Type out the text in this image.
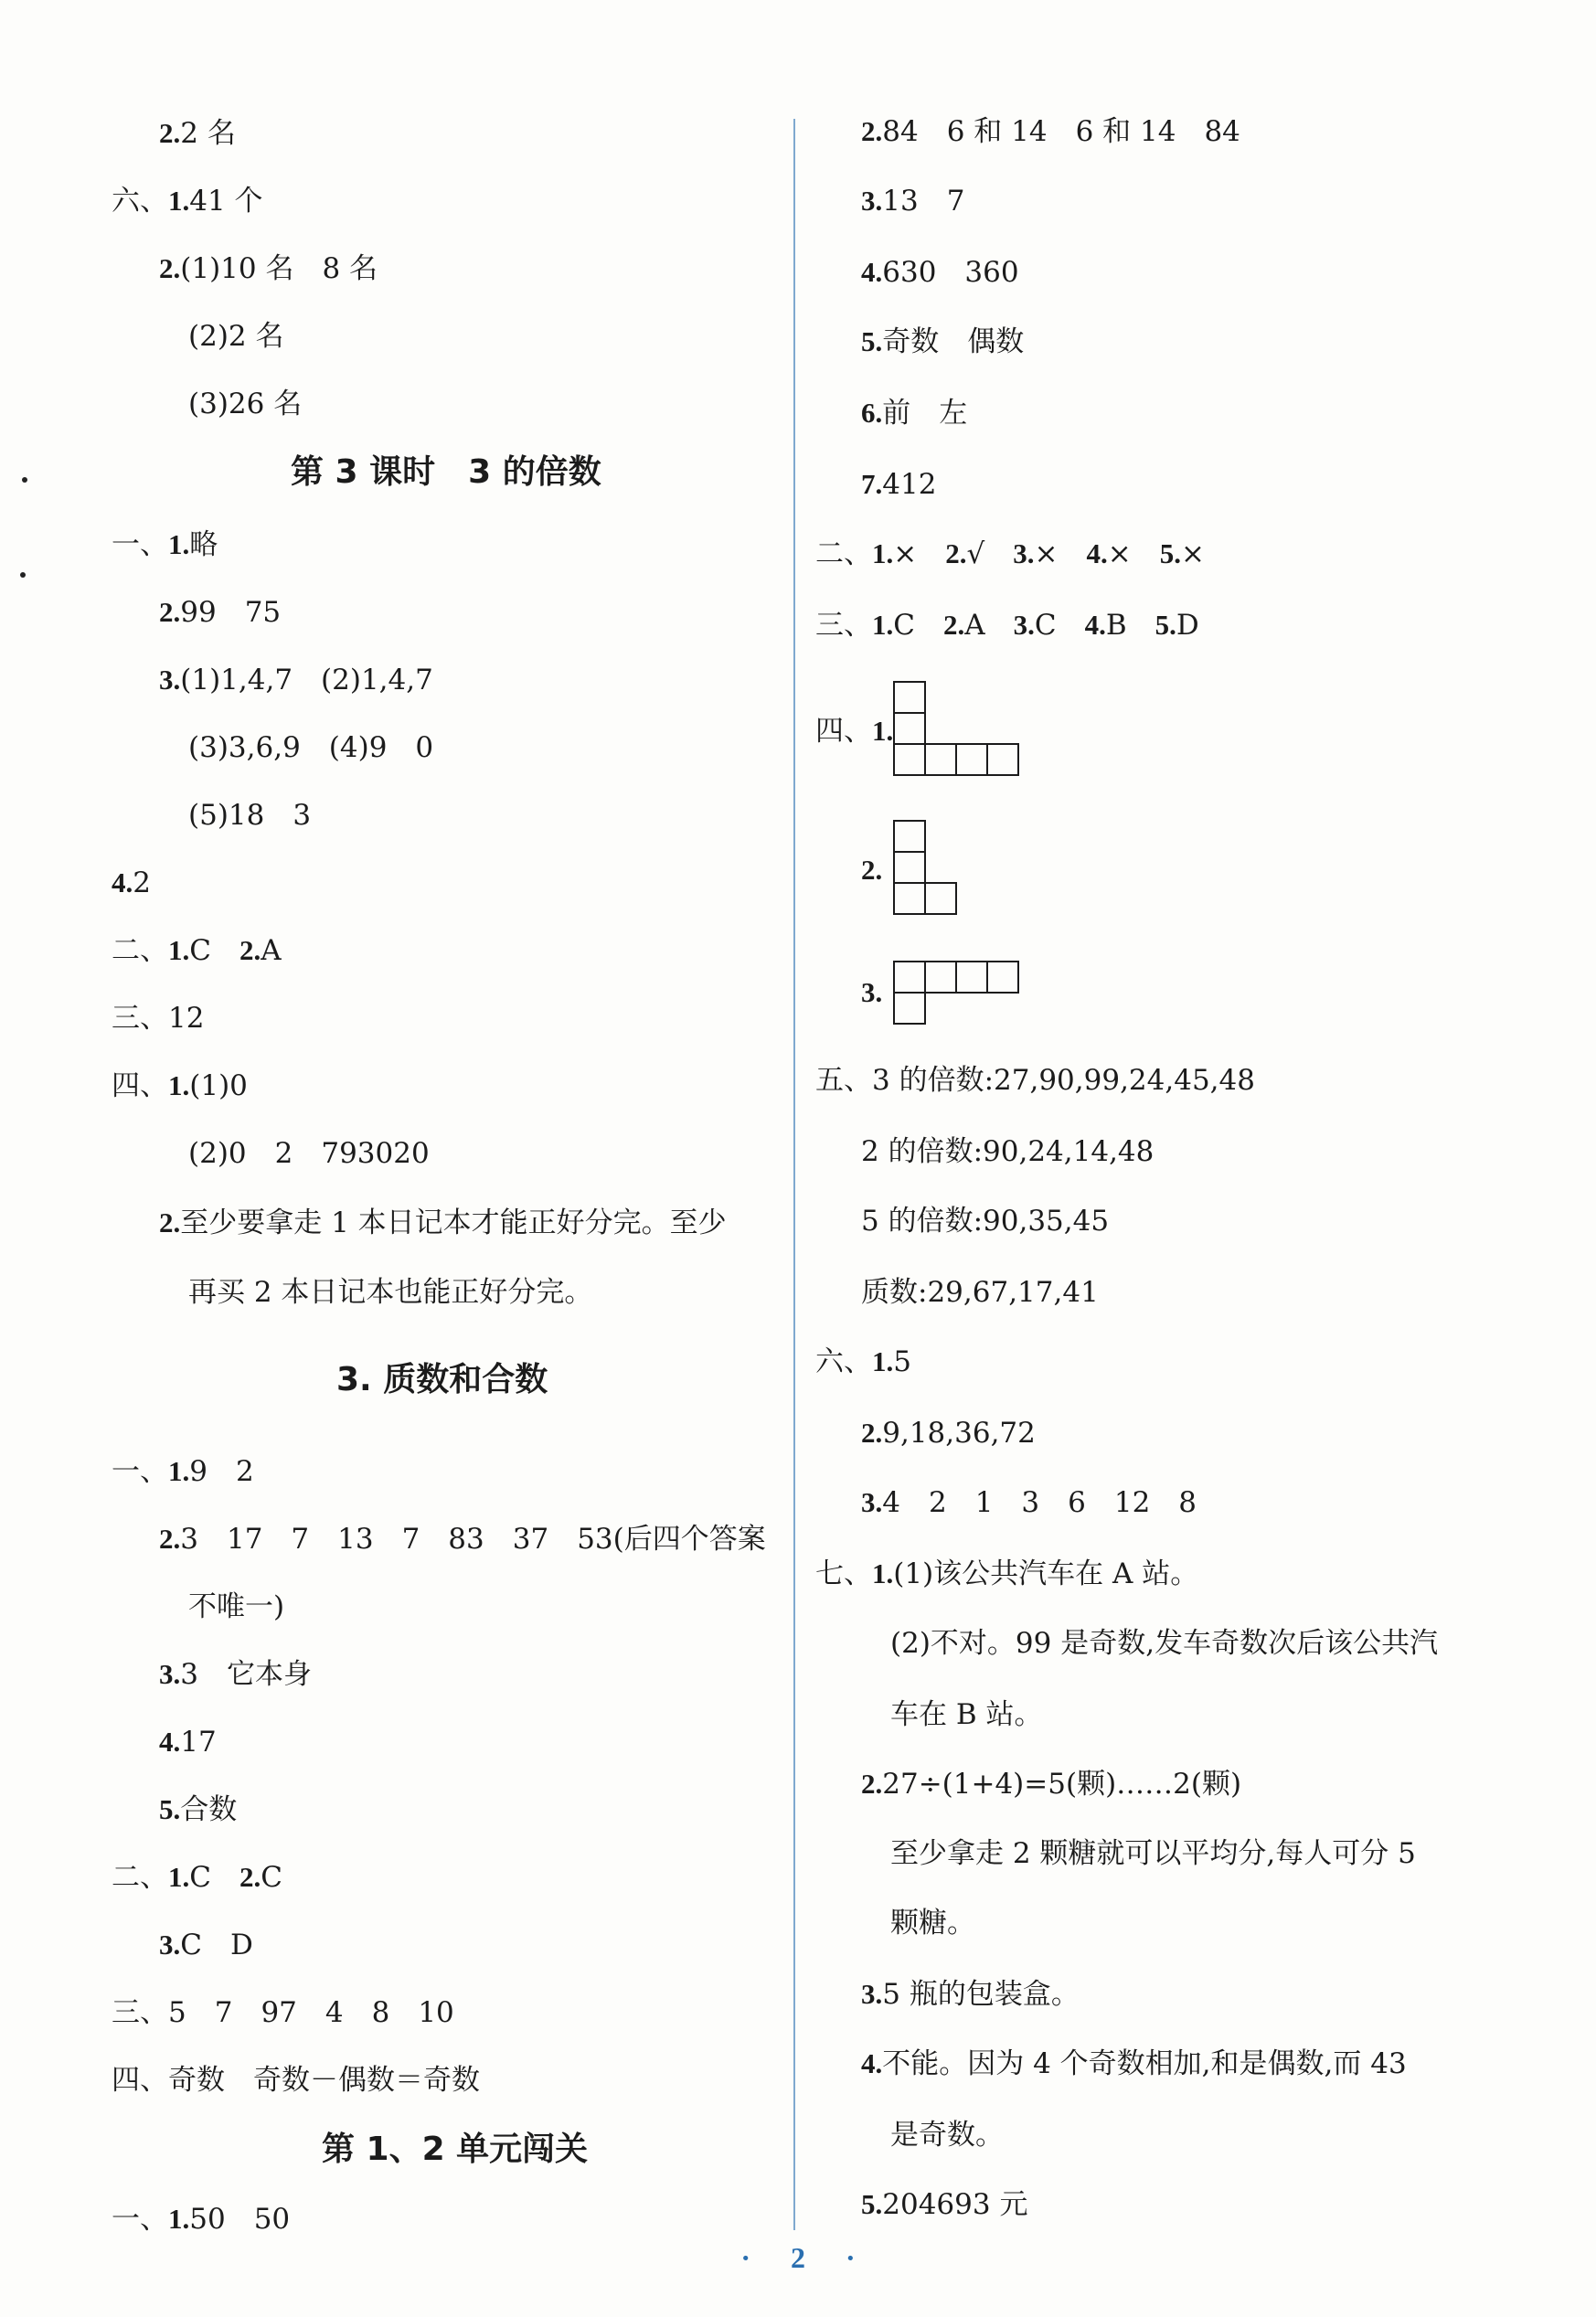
2.2 名
六、1.41 个
2.(1)10 名　8 名
(2)2 名
(3)26 名
第 3 课时　3 的倍数
一、1.略
2.99　75
3.(1)1,4,7　(2)1,4,7
(3)3,6,9　(4)9　0
(5)18　3
4.2
二、1.C　 2.A
三、12
四、1.(1)0
(2)0　2　793020
2.至少要拿走 1 本日记本才能正好分完。至少
再买 2 本日记本也能正好分完。
3. 质数和合数
一、1.9　2
2.3　17　7　13　7　83　37　53(后四个答案
不唯一)
3.3　它本身
4.17
5.合数
二、1.C　 2.C
3.C　D
三、5　7　97　4　8　10
四、奇数　奇数－偶数＝奇数
第 1、2 单元闯关
一、1.50　50
2.84　6 和 14　6 和 14　84
3.13　7
4.630　360
5.奇数　偶数
6.前　左
7.412
二、1.×　 2.√　 3.×　 4.×　 5.×
三、1.C　 2.A　 3.C　 4.B　 5.D
四、1.
2.
3.
五、3 的倍数:27,90,99,24,45,48
2 的倍数:90,24,14,48
5 的倍数:90,35,45
质数:29,67,17,41
六、1.5
2.9,18,36,72
3.4　2　1　3　6　12　8
七、1.(1)该公共汽车在 A 站。
(2)不对。99 是奇数,发车奇数次后该公共汽
车在 B 站。
2.27÷(1+4)=5(颗)……2(颗)
至少拿走 2 颗糖就可以平均分,每人可分 5
颗糖。
3.5 瓶的包装盒。
4.不能。因为 4 个奇数相加,和是偶数,而 43
是奇数。
5.204693 元
· 2 ·
